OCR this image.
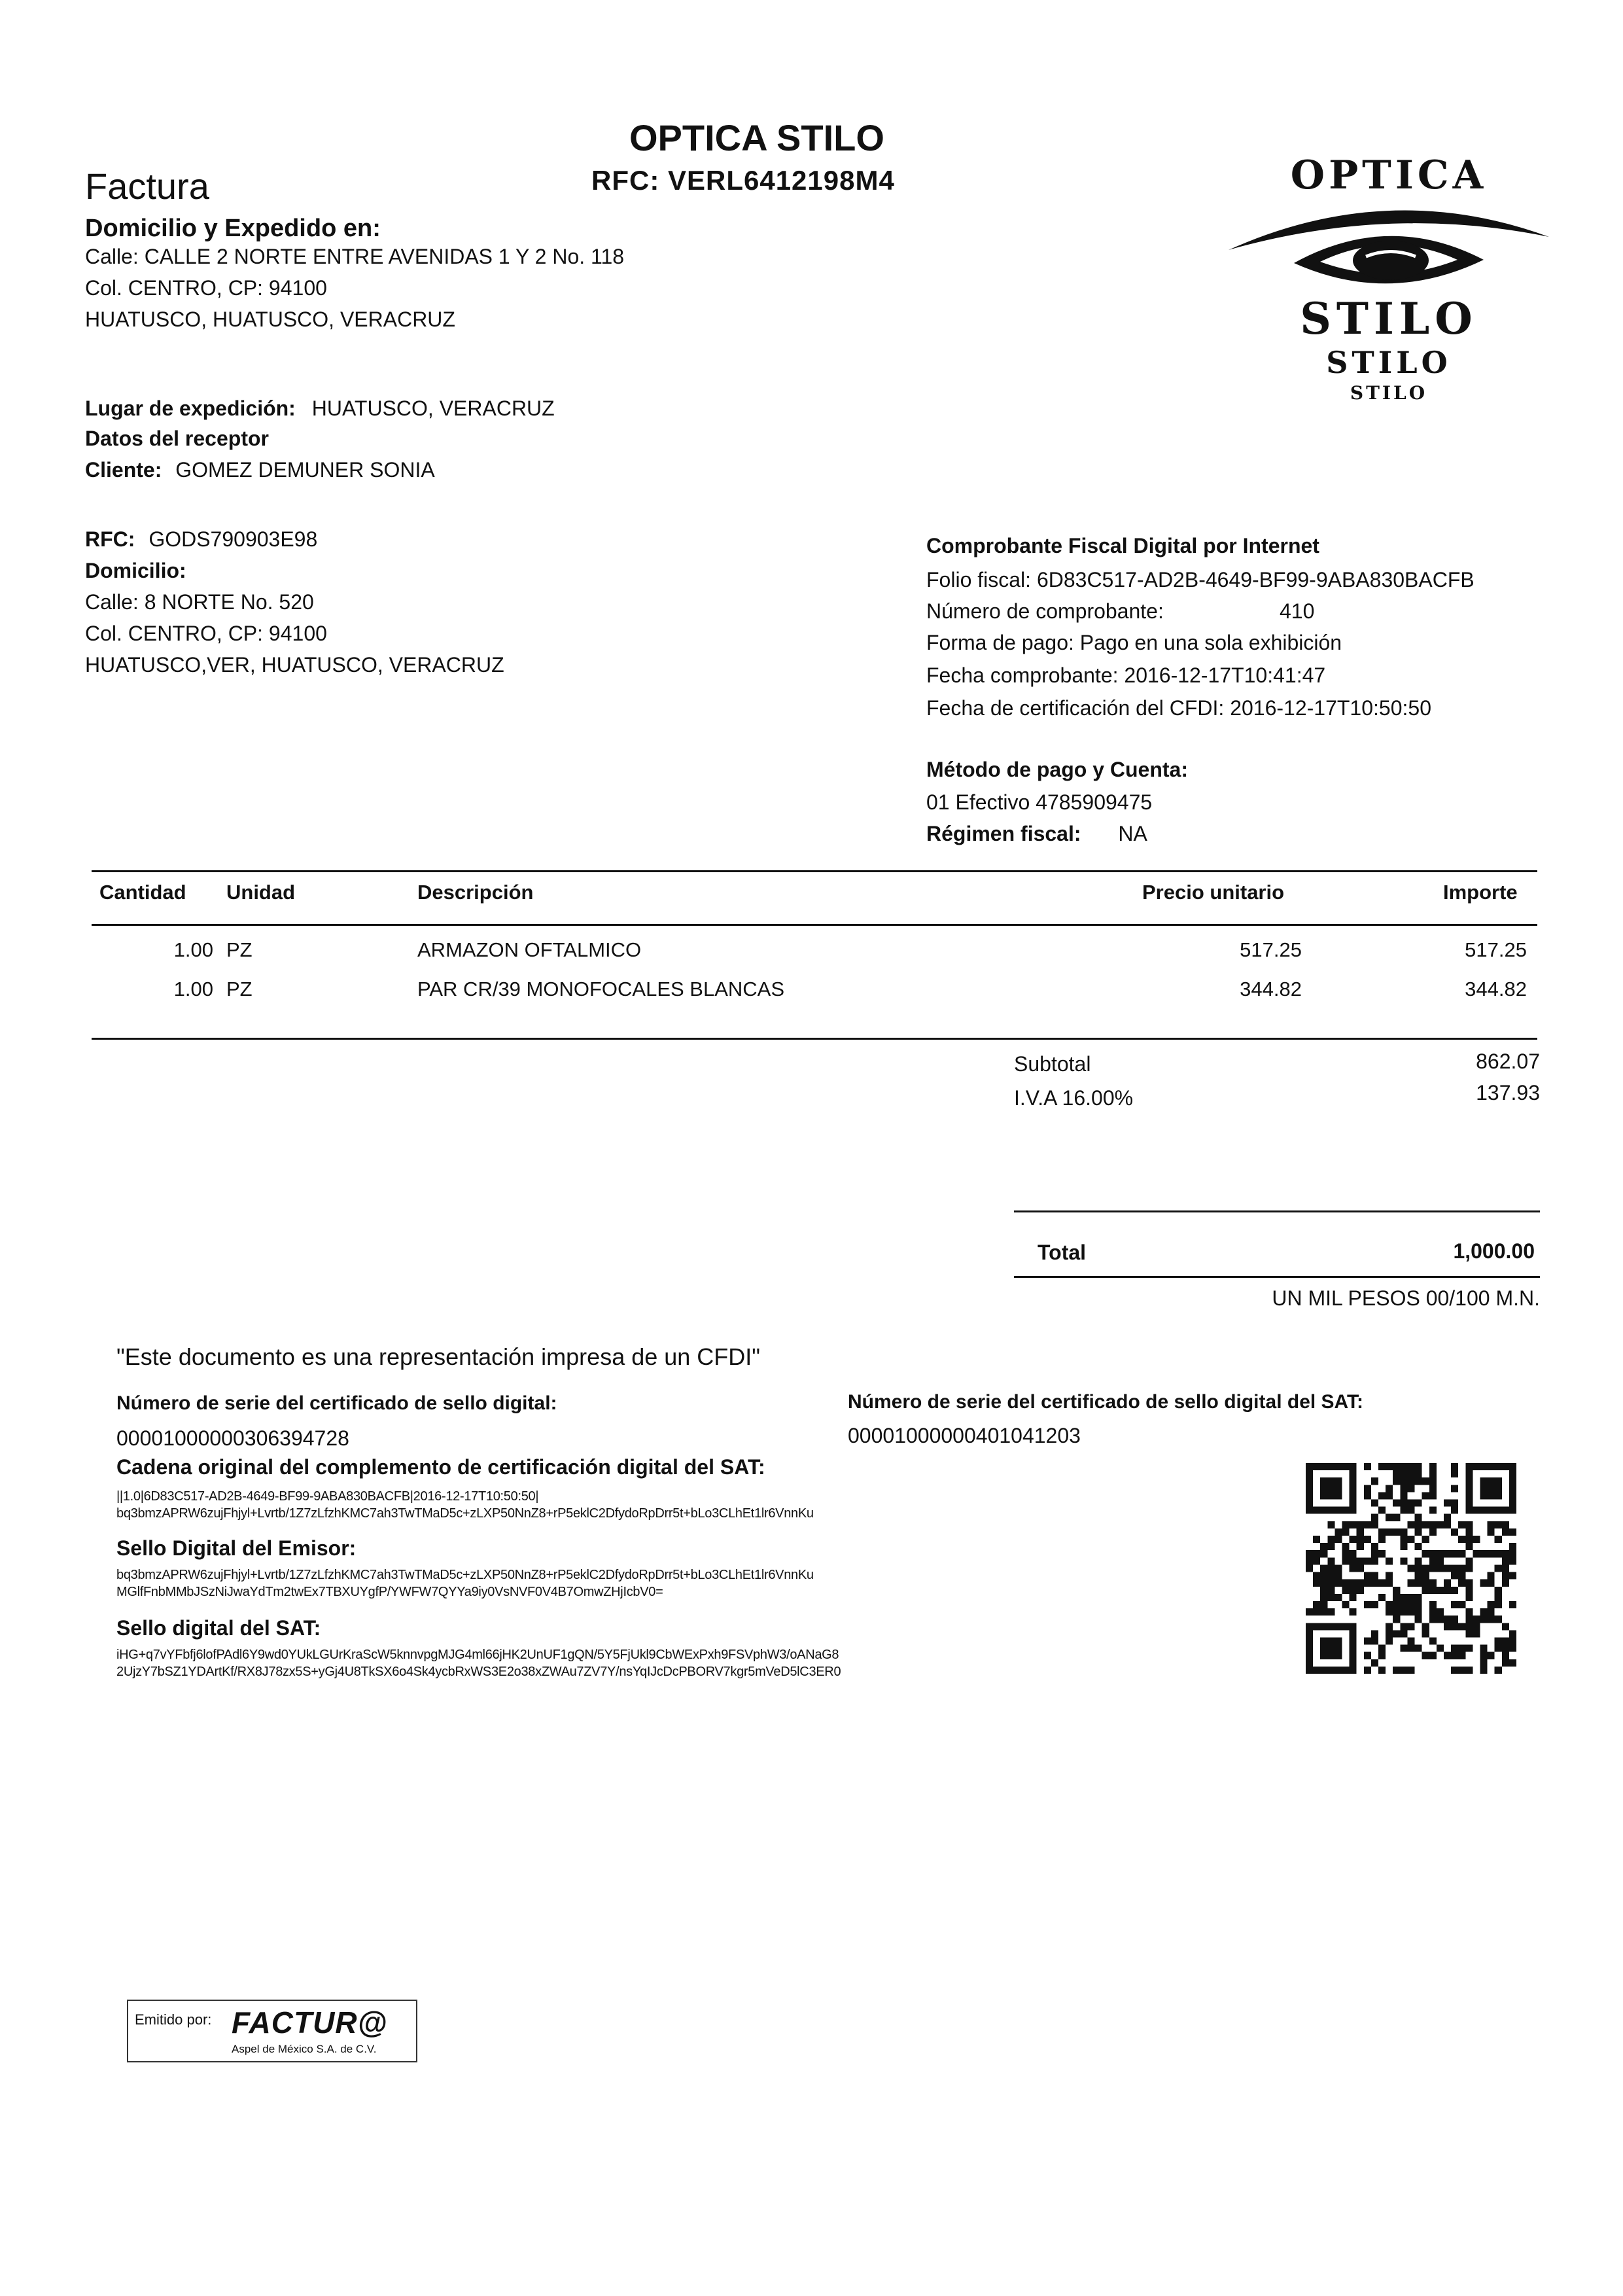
Factura
OPTICA STILO
RFC: VERL6412198M4	OPTICA
STILO
STILO
STILO
Domicilio y Expedido en:
Calle: CALLE 2 NORTE ENTRE AVENIDAS 1 Y 2 No. 118
Col. CENTRO, CP: 94100
HUATUSCO, HUATUSCO, VERACRUZ
Lugar de expedición: HUATUSCO, VERACRUZ
Datos del receptor
Cliente: GOMEZ DEMUNER SONIA
RFC: GODS790903E98
Domicilio:
Calle: 8 NORTE No. 520
Col. CENTRO, CP: 94100
HUATUSCO,VER, HUATUSCO, VERACRUZ
Comprobante Fiscal Digital por Internet
Folio fiscal: 6D83C517-AD2B-4649-BF99-9ABA830BACFB
Número de comprobante:	410
Forma de pago: Pago en una sola exhibición
Fecha comprobante: 2016-12-17T10:41:47
Fecha de certificación del CFDI: 2016-12-17T10:50:50
Método de pago y Cuenta:
01 Efectivo 4785909475
Régimen fiscal: NA
Cantidad Unidad	Descripción	Precio unitario	Importe
1.00 PZ	ARMAZON OFTALMICO	517.25	517.25
1.00 PZ	PAR CR/39 MONOFOCALES BLANCAS	344.82	344.82
Subtotal	862.07
I.V.A 16.00%	137.93
Total	1,000.00
UN MIL PESOS 00/100 M.N.
"Este documento es una representación impresa de un CFDI"
Número de serie del certificado de sello digital:
00001000000306394728
Número de serie del certificado de sello digital del SAT:
00001000000401041203
Cadena original del complemento de certificación digital del SAT:
||1.0|6D83C517-AD2B-4649-BF99-9ABA830BACFB|2016-12-17T10:50:50|
bq3bmzAPRW6zujFhjyl+Lvrtb/1Z7zLfzhKMC7ah3TwTMaD5c+zLXP50NnZ8+rP5eklC2DfydoRpDrr5t+bLo3CLhEt1lr6VnnKu
Sello Digital del Emisor:
bq3bmzAPRW6zujFhjyl+Lvrtb/1Z7zLfzhKMC7ah3TwTMaD5c+zLXP50NnZ8+rP5eklC2DfydoRpDrr5t+bLo3CLhEt1lr6VnnKu
MGlfFnbMMbJSzNiJwaYdTm2twEx7TBXUYgfP/YWFW7QYYa9iy0VsNVF0V4B7OmwZHjIcbV0=
Sello digital del SAT:
iHG+q7vYFbfj6lofPAdl6Y9wd0YUkLGUrKraScW5knnvpgMJG4ml66jHK2UnUF1gQN/5Y5FjUkl9CbWExPxh9FSVphW3/oANaG8
2UjzY7bSZ1YDArtKf/RX8J78zx5S+yGj4U8TkSX6o4Sk4ycbRxWS3E2o38xZWAu7ZV7Y/nsYqIJcDcPBORV7kgr5mVeD5lC3ER0
Emitido por: FACTUR@
Aspel de México S.A. de C.V.
